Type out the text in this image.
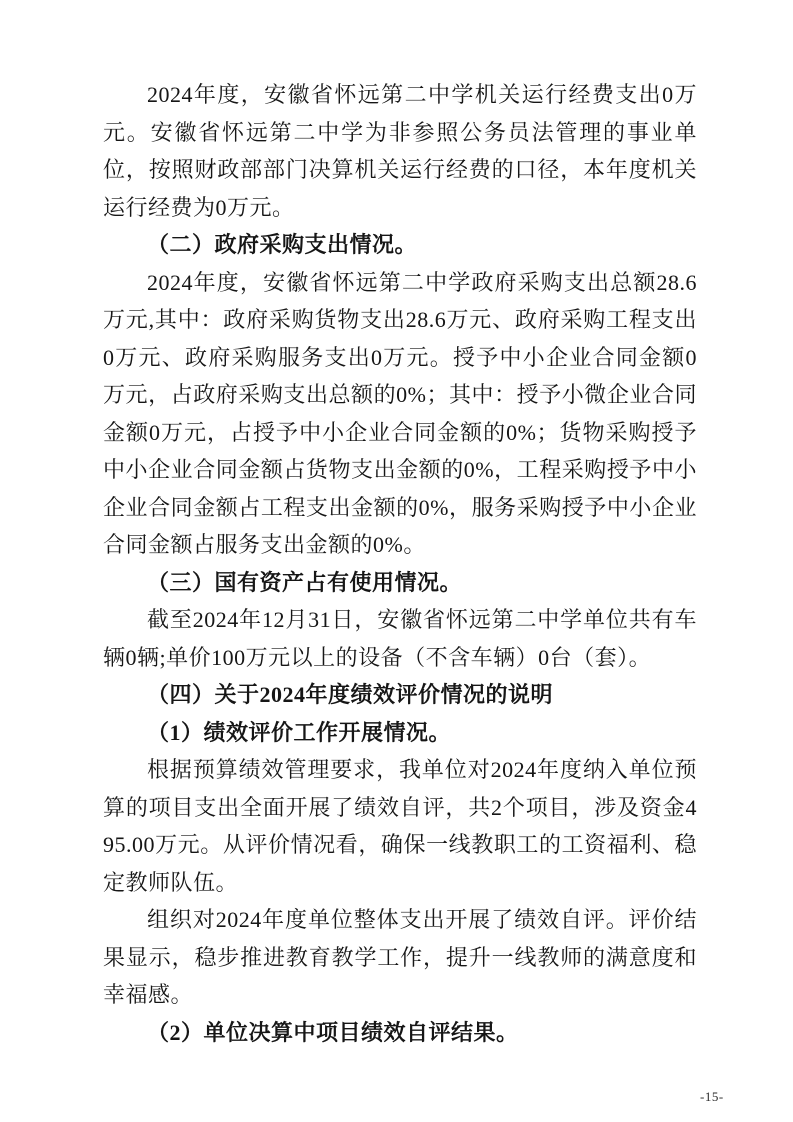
2024年度，安徽省怀远第二中学机关运行经费支出0万元。安徽省怀远第二中学为非参照公务员法管理的事业单位，按照财政部部门决算机关运行经费的口径，本年度机关运行经费为0万元。

（二）政府采购支出情况。

2024年度，安徽省怀远第二中学政府采购支出总额28.6万元,其中：政府采购货物支出28.6万元、政府采购工程支出0万元、政府采购服务支出0万元。授予中小企业合同金额0万元，占政府采购支出总额的0%；其中：授予小微企业合同金额0万元，占授予中小企业合同金额的0%；货物采购授予中小企业合同金额占货物支出金额的0%，工程采购授予中小企业合同金额占工程支出金额的0%，服务采购授予中小企业合同金额占服务支出金额的0%。

（三）国有资产占有使用情况。

截至2024年12月31日，安徽省怀远第二中学单位共有车辆0辆;单价100万元以上的设备（不含车辆）0台（套）。

（四）关于2024年度绩效评价情况的说明

（1）绩效评价工作开展情况。

根据预算绩效管理要求，我单位对2024年度纳入单位预算的项目支出全面开展了绩效自评，共2个项目，涉及资金495.00万元。从评价情况看，确保一线教职工的工资福利、稳定教师队伍。

组织对2024年度单位整体支出开展了绩效自评。评价结果显示，稳步推进教育教学工作，提升一线教师的满意度和幸福感。

（2）单位决算中项目绩效自评结果。

-15-
